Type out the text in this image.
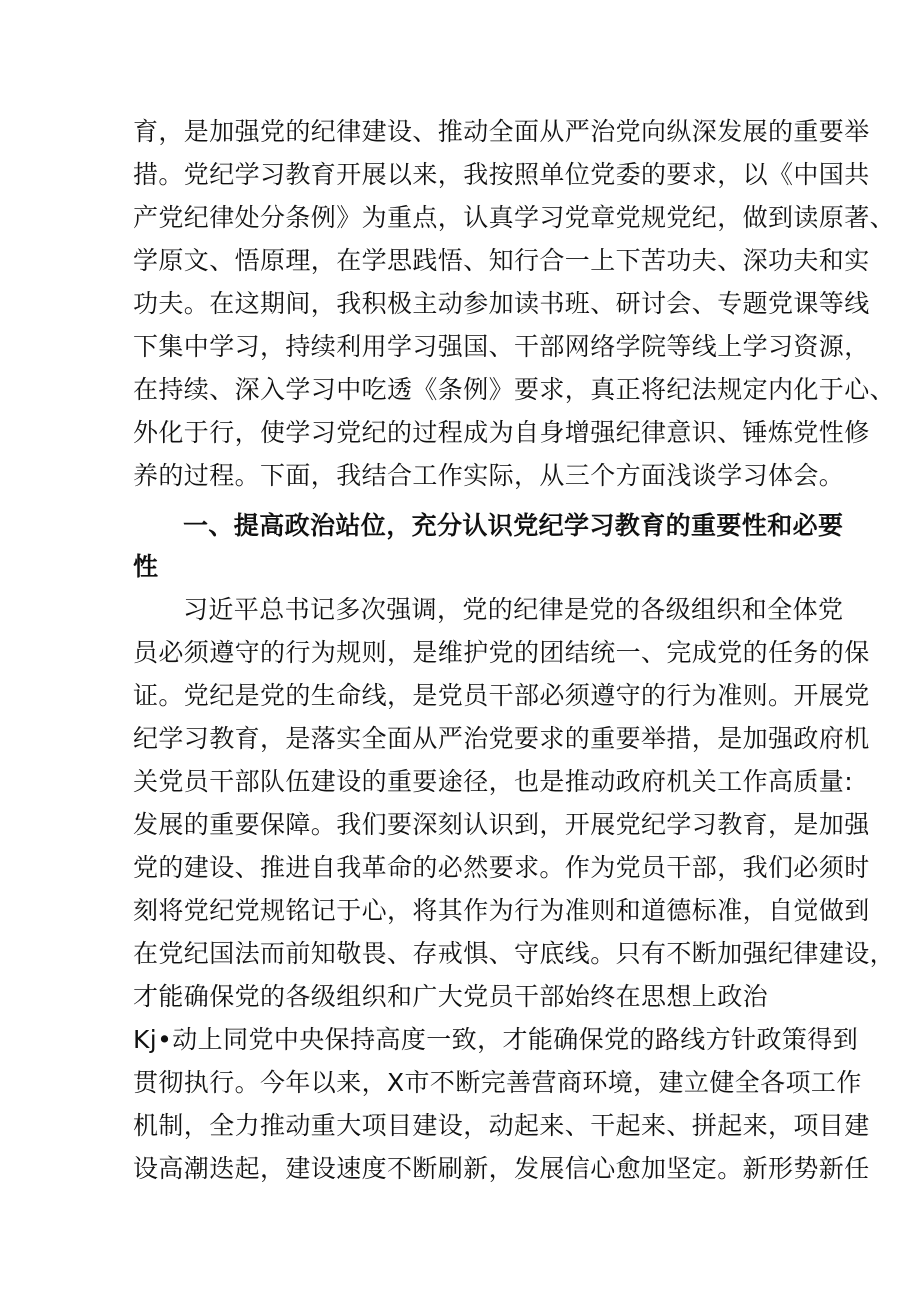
育，是加强党的纪律建设、推动全面从严治党向纵深发展的重要举
措。党纪学习教育开展以来，我按照单位党委的要求，以《中国共
产党纪律处分条例》为重点，认真学习党章党规党纪，做到读原著、
学原文、悟原理，在学思践悟、知行合一上下苦功夫、深功夫和实
功夫。在这期间，我积极主动参加读书班、研讨会、专题党课等线
下集中学习，持续利用学习强国、干部网络学院等线上学习资源，
在持续、深入学习中吃透《条例》要求，真正将纪法规定内化于心、
外化于行，使学习党纪的过程成为自身增强纪律意识、锤炼党性修
养的过程。下面，我结合工作实际，从三个方面浅谈学习体会。
一、提高政治站位，充分认识党纪学习教育的重要性和必要
性
习近平总书记多次强调，党的纪律是党的各级组织和全体党
员必须遵守的行为规则，是维护党的团结统一、完成党的任务的保
证。党纪是党的生命线，是党员干部必须遵守的行为准则。开展党
纪学习教育，是落实全面从严治党要求的重要举措，是加强政府机
关党员干部队伍建设的重要途径，也是推动政府机关工作高质量:
发展的重要保障。我们要深刻认识到，开展党纪学习教育，是加强
党的建设、推进自我革命的必然要求。作为党员干部，我们必须时
刻将党纪党规铭记于心，将其作为行为准则和道德标准，自觉做到
在党纪国法而前知敬畏、存戒惧、守底线。只有不断加强纪律建设，
才能确保党的各级组织和广大党员干部始终在思想上政治
Kj•动上同党中央保持高度一致，才能确保党的路线方针政策得到
贯彻执行。今年以来，X市不断完善营商环境，建立健全各项工作
机制，全力推动重大项目建设，动起来、干起来、拼起来，项目建
设高潮迭起，建设速度不断刷新，发展信心愈加坚定。新形势新任
